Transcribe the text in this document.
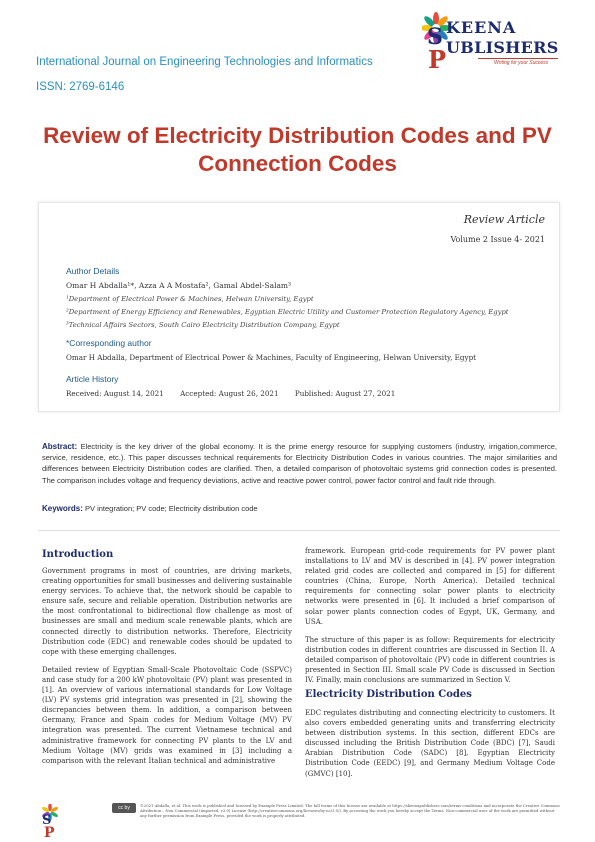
International Journal on Engineering Technologies and Informatics
ISSN: 2769-6146
S
P
KEENA
UBLISHERS
Writing for your Success
Review of Electricity Distribution Codes and PV Connection Codes
Review Article
Volume 2 Issue 4- 2021
Author Details
Omar H Abdalla¹*, Azza A A Mostafa², Gamal Abdel-Salam³
¹Department of Electrical Power & Machines, Helwan University, Egypt
²Department of Energy Efficiency and Renewables, Egyptian Electric Utility and Customer Protection Regulatory Agency, Egypt
³Technical Affairs Sectors, South Cairo Electricity Distribution Company, Egypt
*Corresponding author
Omar H Abdalla, Department of Electrical Power & Machines, Faculty of Engineering, Helwan University, Egypt
Article History
Received: August 14, 2021 Accepted: August 26, 2021 Published: August 27, 2021
Abstract: Electricity is the key driver of the global economy. It is the prime energy resource for supplying customers (industry, irrigation,commerce, service, residence, etc.). This paper discusses technical requirements for Electricity Distribution Codes in various countries. The major similarities and differences between Electricity Distribution codes are clarified. Then, a detailed comparison of photovoltaic systems grid connection codes is presented. The comparison includes voltage and frequency deviations, active and reactive power control, power factor control and fault ride through.
Keywords: PV integration; PV code; Electricity distribution code
Introduction

Government programs in most of countries, are driving markets, creating opportunities for small businesses and delivering sustainable energy services. To achieve that, the network should be capable to ensure safe, secure and reliable operation. Distribution networks are the most confrontational to bidirectional flow challenge as most of businesses are small and medium scale renewable plants, which are connected directly to distribution networks. Therefore, Electricity Distribution code (EDC) and renewable codes should be updated to cope with these emerging challenges.

Detailed review of Egyptian Small-Scale Photovoltaic Code (SSPVC) and case study for a 200 kW photovoltaic (PV) plant was presented in [1]. An overview of various international standards for Low Voltage (LV) PV systems grid integration was presented in [2], showing the discrepancies between them. In addition, a comparison between Germany, France and Spain codes for Medium Voltage (MV) PV integration was presented. The current Vietnamese technical and administrative framework for connecting PV plants to the LV and Medium Voltage (MV) grids was examined in [3] including a comparison with the relevant Italian technical and administrative

framework. European grid-code requirements for PV power plant installations to LV and MV is described in [4]. PV power integration related grid codes are collected and compared in [5] for different countries (China, Europe, North America). Detailed technical requirements for connecting solar power plants to electricity networks were presented in [6]. It included a brief comparison of solar power plants connection codes of Egypt, UK, Germany, and USA.

The structure of this paper is as follow: Requirements for electricity distribution codes in different countries are discussed in Section II. A detailed comparison of photovoltaic (PV) code in different countries is presented in Section III. Small scale PV Code is discussed in Section IV. Finally, main conclusions are summarized in Section V.

Electricity Distribution Codes

EDC regulates distributing and connecting electricity to customers. It also covers embedded generating units and transferring electricity between distribution systems. In this section, different EDCs are discussed including the British Distribution Code (BDC) [7], Saudi Arabian Distribution Code (SADC) [8], Egyptian Electricity Distribution Code (EEDC) [9], and Germany Medium Voltage Code (GMVC) [10].

S
P
cc by	©2021 Abdalla, et al. This work is published and licensed by Example Press Limited. The full terms of this license are available at https://skeenapublishers.com/terms-conditions and incorporate the Creative Commons Attribution – Non Commercial (unported, v3.0) License (http://creativecommons.org/licenses/by-nc/3.0/). By accessing the work you hereby accept the Terms. Non-commercial uses of the work are permitted without any further permission from Example Press, provided the work is properly attributed.
